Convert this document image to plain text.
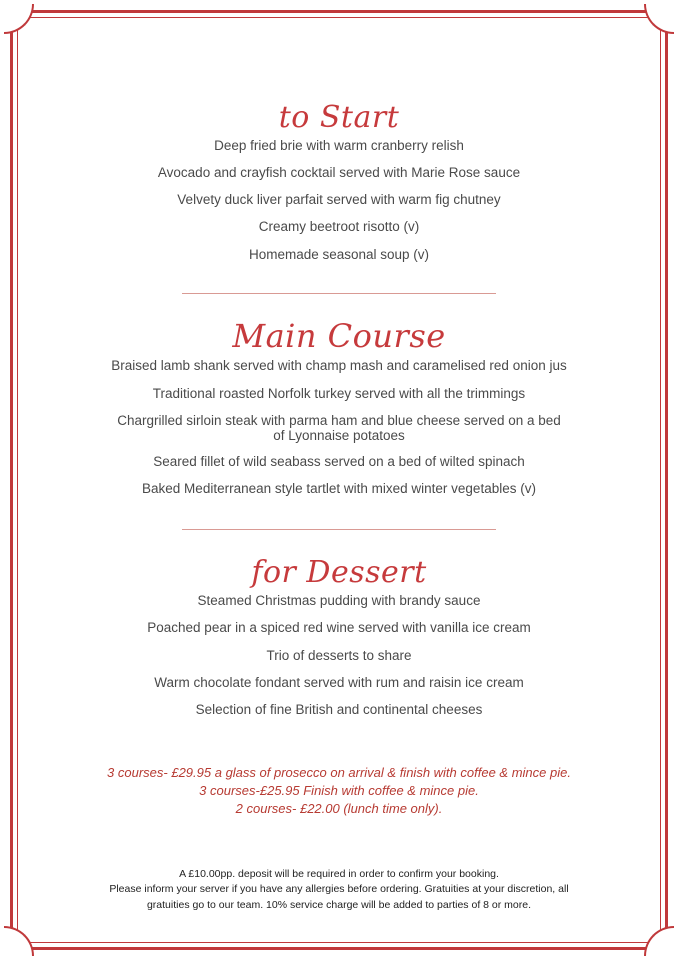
to Start
Deep fried brie with warm cranberry relish
Avocado and crayfish cocktail served with Marie Rose sauce
Velvety duck liver parfait served with warm fig chutney
Creamy beetroot risotto (v)
Homemade seasonal soup (v)
Main Course
Braised lamb shank served with champ mash and caramelised red onion jus
Traditional roasted Norfolk turkey served with all the trimmings
Chargrilled sirloin steak with parma ham and blue cheese served on a bed of Lyonnaise potatoes
Seared fillet of wild seabass served on a bed of wilted spinach
Baked Mediterranean style tartlet with mixed winter vegetables (v)
for Dessert
Steamed Christmas pudding with brandy sauce
Poached pear in a spiced red wine served with vanilla ice cream
Trio of desserts to share
Warm chocolate fondant served with rum and raisin ice cream
Selection of fine British and continental cheeses
3 courses- £29.95 a glass of prosecco on arrival & finish with coffee & mince pie.
3 courses-£25.95 Finish with coffee & mince pie.
2 courses- £22.00 (lunch time only).
A £10.00pp. deposit will be required in order to confirm your booking.
Please inform your server if you have any allergies before ordering. Gratuities at your discretion, all gratuities go to our team. 10% service charge will be added to parties of 8 or more.
